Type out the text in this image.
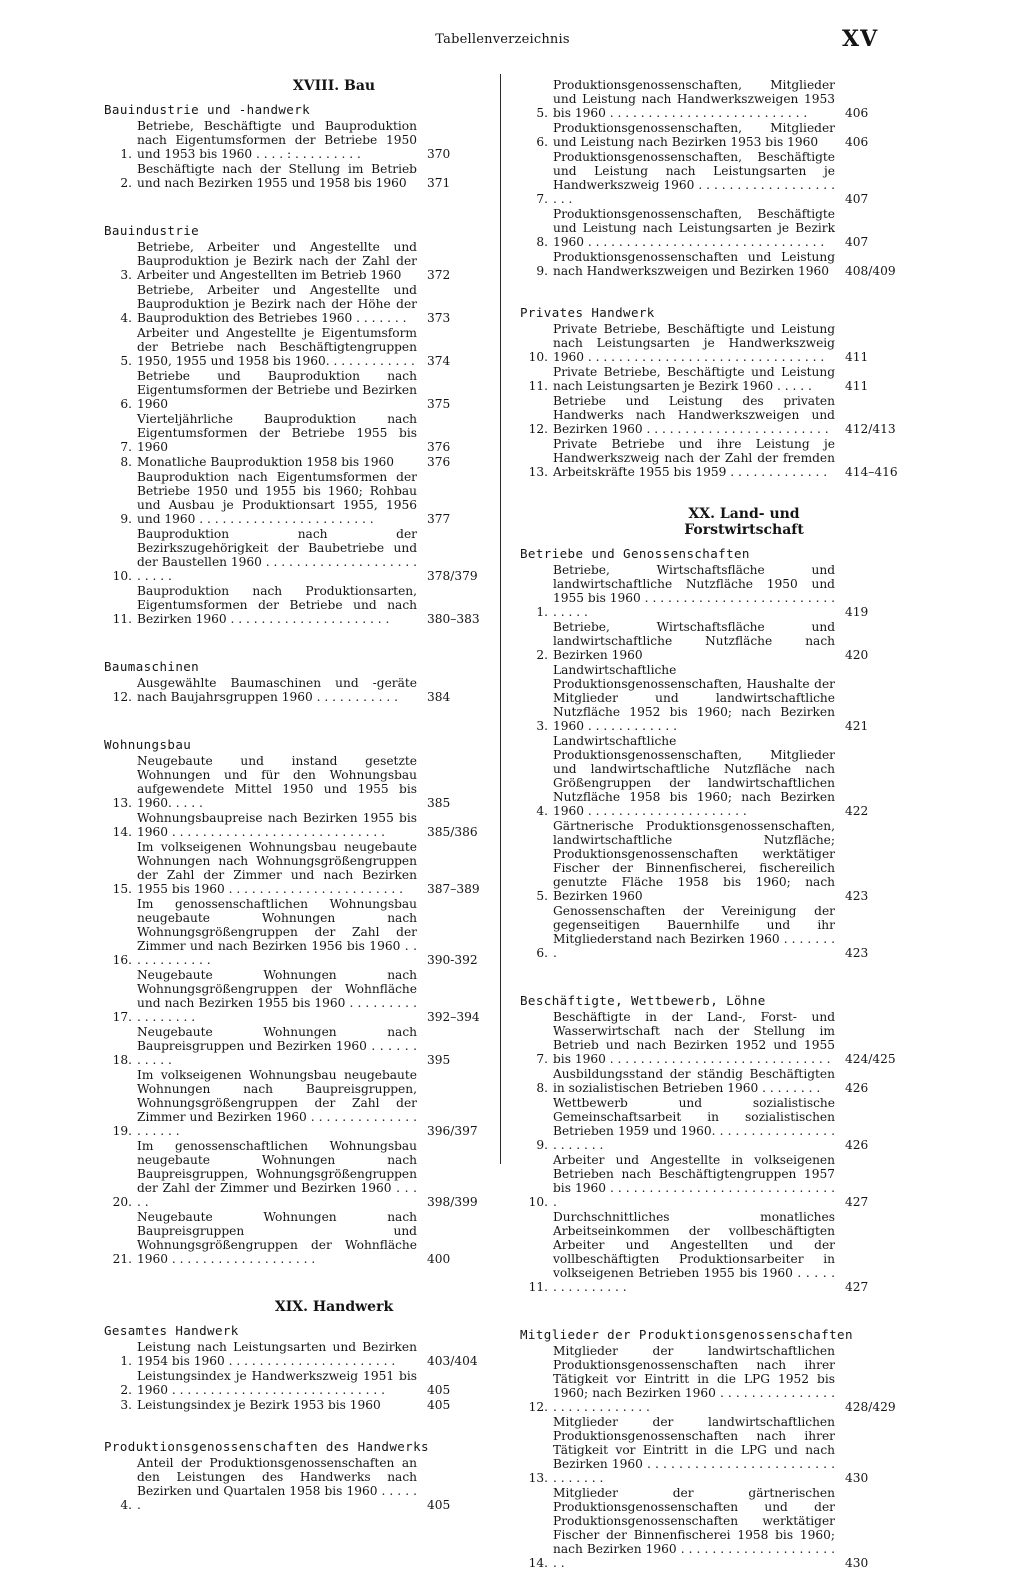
Tabellenverzeichnis	XV
XVIII. Bau
Bauindustrie und -handwerk
1.
Betriebe, Beschäftigte und Bauproduktion nach Eigentumsformen der Betriebe 1950 und 1953 bis 1960 . . . . : . . . . . . . . .	370
2.
Beschäftigte nach der Stellung im Betrieb und nach Bezirken 1955 und 1958 bis 1960	371
Bauindustrie
3.
Betriebe, Arbeiter und Angestellte und Bauproduktion je Bezirk nach der Zahl der Arbeiter und Angestellten im Betrieb 1960	372
4.
Betriebe, Arbeiter und Angestellte und Bauproduktion je Bezirk nach der Höhe der Bauproduktion des Betriebes 1960 . . . . . . .	373
5.
Arbeiter und Angestellte je Eigentumsform der Betriebe nach Beschäftigtengruppen 1950, 1955 und 1958 bis 1960. . . . . . . . . . . . 374
6.
Betriebe und Bauproduktion nach Eigentumsformen der Betriebe und Bezirken 1960	375
7.
Vierteljährliche Bauproduktion nach Eigentumsformen der Betriebe 1955 bis 1960	376
8. Monatliche Bauproduktion 1958 bis 1960	376
9.
Bauproduktion nach Eigentumsformen der Betriebe 1950 und 1955 bis 1960; Rohbau und Ausbau je Produktionsart 1955, 1956 und 1960 . . . . . . . . . . . . . . . . . . . . . . .	377
10.
Bauproduktion nach der Bezirkszugehörigkeit der Baubetriebe und der Baustellen 1960 . . . . . . . . . . . . . . . . . . . . . . . . .	378/379
11.
Bauproduktion nach Produktionsarten, Eigentumsformen der Betriebe und nach Bezirken 1960 . . . . . . . . . . . . . . . . . . . . .	380–383
Baumaschinen
12.
Ausgewählte Baumaschinen und -geräte nach Baujahrsgruppen 1960 . . . . . . . . . . .	384
Wohnungsbau
13.
Neugebaute und instand gesetzte Wohnungen und für den Wohnungsbau aufgewendete Mittel 1950 und 1955 bis 1960. . . . .	385
14.
Wohnungsbaupreise nach Bezirken 1955 bis 1960 . . . . . . . . . . . . . . . . . . . . . . . . . . . .	385/386
15.
Im volkseigenen Wohnungsbau neugebaute Wohnungen nach Wohnungsgrößengruppen der Zahl der Zimmer und nach Bezirken 1955 bis 1960 . . . . . . . . . . . . . . . . . . . . . . .	387–389
16.
Im genossenschaftlichen Wohnungsbau neugebaute Wohnungen nach Wohnungsgrößengruppen der Zahl der Zimmer und nach Bezirken 1956 bis 1960 . . . . . . . . . . . .	390-392
17.
Neugebaute Wohnungen nach Wohnungsgrößengruppen der Wohnfläche und nach Bezirken 1955 bis 1960 . . . . . . . . . . . . . . . . .	392–394
18.
Neugebaute Wohnungen nach Baupreisgruppen und Bezirken 1960 . . . . . . . . . . .	395
19.
Im volkseigenen Wohnungsbau neugebaute Wohnungen nach Baupreisgruppen, Wohnungsgrößengruppen der Zahl der Zimmer und Bezirken 1960 . . . . . . . . . . . . . . . . . . . .	396/397
20.
Im genossenschaftlichen Wohnungsbau neugebaute Wohnungen nach Baupreisgruppen, Wohnungsgrößengruppen der Zahl der Zimmer und Bezirken 1960 . . . . .	398/399
21.
Neugebaute Wohnungen nach Baupreisgruppen und Wohnungsgrößengruppen der Wohnfläche 1960 . . . . . . . . . . . . . . . . . . .	400
XIX. Handwerk
Gesamtes Handwerk
1.
Leistung nach Leistungsarten und Bezirken 1954 bis 1960 . . . . . . . . . . . . . . . . . . . . . .	403/404
2.
Leistungsindex je Handwerkszweig 1951 bis 1960 . . . . . . . . . . . . . . . . . . . . . . . . . . . .	405
3. Leistungsindex je Bezirk 1953 bis 1960	405
Produktionsgenossenschaften des Handwerks
4.
Anteil der Produktionsgenossenschaften an den Leistungen des Handwerks nach Bezirken und Quartalen 1958 bis 1960 . . . . . .	405
5.
Produktionsgenossenschaften, Mitglieder und Leistung nach Handwerkszweigen 1953 bis 1960 . . . . . . . . . . . . . . . . . . . . . . . . . .	406
6.
Produktionsgenossenschaften, Mitglieder und Leistung nach Bezirken 1953 bis 1960	406
7.
Produktionsgenossenschaften, Beschäftigte und Leistung nach Leistungsarten je Handwerkszweig 1960 . . . . . . . . . . . . . . . . . . . . .	407
8.
Produktionsgenossenschaften, Beschäftigte und Leistung nach Leistungsarten je Bezirk 1960 . . . . . . . . . . . . . . . . . . . . . . . . . . . . . . .	407
9.
Produktionsgenossenschaften und Leistung nach Handwerkszweigen und Bezirken 1960	408/409
Privates Handwerk
10.
Private Betriebe, Beschäftigte und Leistung nach Leistungsarten je Handwerkszweig 1960 . . . . . . . . . . . . . . . . . . . . . . . . . . . . . . .	411
11.
Private Betriebe, Beschäftigte und Leistung nach Leistungsarten je Bezirk 1960 . . . . .	411
12.
Betriebe und Leistung des privaten Handwerks nach Handwerkszweigen und Bezirken 1960 . . . . . . . . . . . . . . . . . . . . . . . .	412/413
13.
Private Betriebe und ihre Leistung je Handwerkszweig nach der Zahl der fremden Arbeitskräfte 1955 bis 1959 . . . . . . . . . . . . .	414–416
XX. Land- und Forstwirtschaft
Betriebe und Genossenschaften
1.
Betriebe, Wirtschaftsfläche und landwirtschaftliche Nutzfläche 1950 und 1955 bis 1960 . . . . . . . . . . . . . . . . . . . . . . . . . . . . . .	419
2.
Betriebe, Wirtschaftsfläche und landwirtschaftliche Nutzfläche nach Bezirken 1960	420
3.
Landwirtschaftliche Produktionsgenossenschaften, Haushalte der Mitglieder und landwirtschaftliche Nutzfläche 1952 bis 1960; nach Bezirken 1960 . . . . . . . . . . . .	421
4.
Landwirtschaftliche Produktionsgenossenschaften, Mitglieder und landwirtschaftliche Nutzfläche nach Größengruppen der landwirtschaftlichen Nutzfläche 1958 bis 1960; nach Bezirken 1960 . . . . . . . . . . . . . . . . . . . . .	422
5.
Gärtnerische Produktionsgenossenschaften, landwirtschaftliche Nutzfläche; Produktionsgenossenschaften werktätiger Fischer der Binnenfischerei, fischereilich genutzte Fläche 1958 bis 1960; nach Bezirken 1960	423
6.
Genossenschaften der Vereinigung der gegenseitigen Bauernhilfe und ihr Mitgliederstand nach Bezirken 1960 . . . . . . . .	423
Beschäftigte, Wettbewerb, Löhne
7.
Beschäftigte in der Land-, Forst- und Wasserwirtschaft nach der Stellung im Betrieb und nach Bezirken 1952 und 1955 bis 1960 . . . . . . . . . . . . . . . . . . . . . . . . . . . . .	424/425
8.
Ausbildungsstand der ständig Beschäftigten in sozialistischen Betrieben 1960 . . . . . . . .	426
9.
Wettbewerb und sozialistische Gemeinschaftsarbeit in sozialistischen Betrieben 1959 und 1960. . . . . . . . . . . . . . . . . . . . . . .	426
10.
Arbeiter und Angestellte in volkseigenen Betrieben nach Beschäftigtengruppen 1957 bis 1960 . . . . . . . . . . . . . . . . . . . . . . . . . . . . . .	427
11.
Durchschnittliches monatliches Arbeitseinkommen der vollbeschäftigten Arbeiter und Angestellten und der vollbeschäftigten Produktionsarbeiter in volkseigenen Betrieben 1955 bis 1960 . . . . . . . . . . . . . . .	427
Mitglieder der Produktionsgenossenschaften
12.
Mitglieder der landwirtschaftlichen Produktionsgenossenschaften nach ihrer Tätigkeit vor Eintritt in die LPG 1952 bis 1960; nach Bezirken 1960 . . . . . . . . . . . . . . . . . . . . . . . . . . . .	428/429
13.
Mitglieder der landwirtschaftlichen Produktionsgenossenschaften nach ihrer Tätigkeit vor Eintritt in die LPG und nach Bezirken 1960 . . . . . . . . . . . . . . . . . . . . . . . . . . . . . . .	430
14.
Mitglieder der gärtnerischen Produktionsgenossenschaften und der Produktionsgenossenschaften werktätiger Fischer der Binnenfischerei 1958 bis 1960; nach Bezirken 1960 . . . . . . . . . . . . . . . . . . . . . .	430
